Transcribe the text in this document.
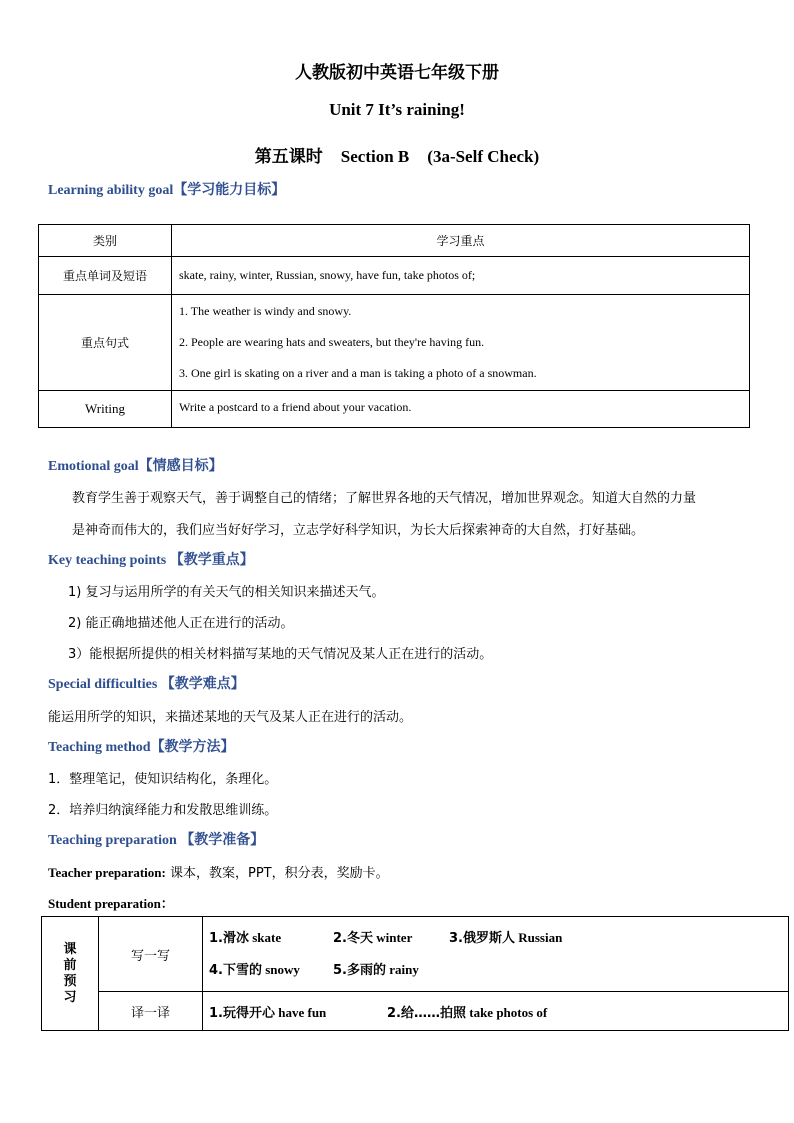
人教版初中英语七年级下册
Unit 7 It’s raining!
第五课时 Section B (3a-Self Check)
Learning ability goal【学习能力目标】
类别	学习重点
重点单词及短语	skate, rainy, winter, Russian, snowy, have fun, take photos of;
重点句式	1. The weather is windy and snowy.
2. People are wearing hats and sweaters, but they're having fun.
3. One girl is skating on a river and a man is taking a photo of a snowman.

Writing	Write a postcard to a friend about your vacation.
Emotional goal【情感目标】
教育学生善于观察天气，善于调整自己的情绪；了解世界各地的天气情况，增加世界观念。知道大自然的力量
是神奇而伟大的，我们应当好好学习，立志学好科学知识，为长大后探索神奇的大自然，打好基础。
Key teaching points 【教学重点】
1) 复习与运用所学的有关天气的相关知识来描述天气。
2) 能正确地描述他人正在进行的活动。
3）能根据所提供的相关材料描写某地的天气情况及某人正在进行的活动。
Special difficulties 【教学难点】
能运用所学的知识，来描述某地的天气及某人正在进行的活动。
Teaching method【教学方法】
1．整理笔记，使知识结构化，条理化。
2．培养归纳演绎能力和发散思维训练。
Teaching preparation 【教学准备】
Teacher preparation: 课本，教案，PPT，积分表，奖励卡。
Student preparation：
课前预习	写一写	1.滑冰 skate 2.冬天 winter 3.俄罗斯人 Russian
4.下雪的 snowy 5.多雨的 rainy

	译一译	1.玩得开心 have fun 2.给……拍照 take photos of
